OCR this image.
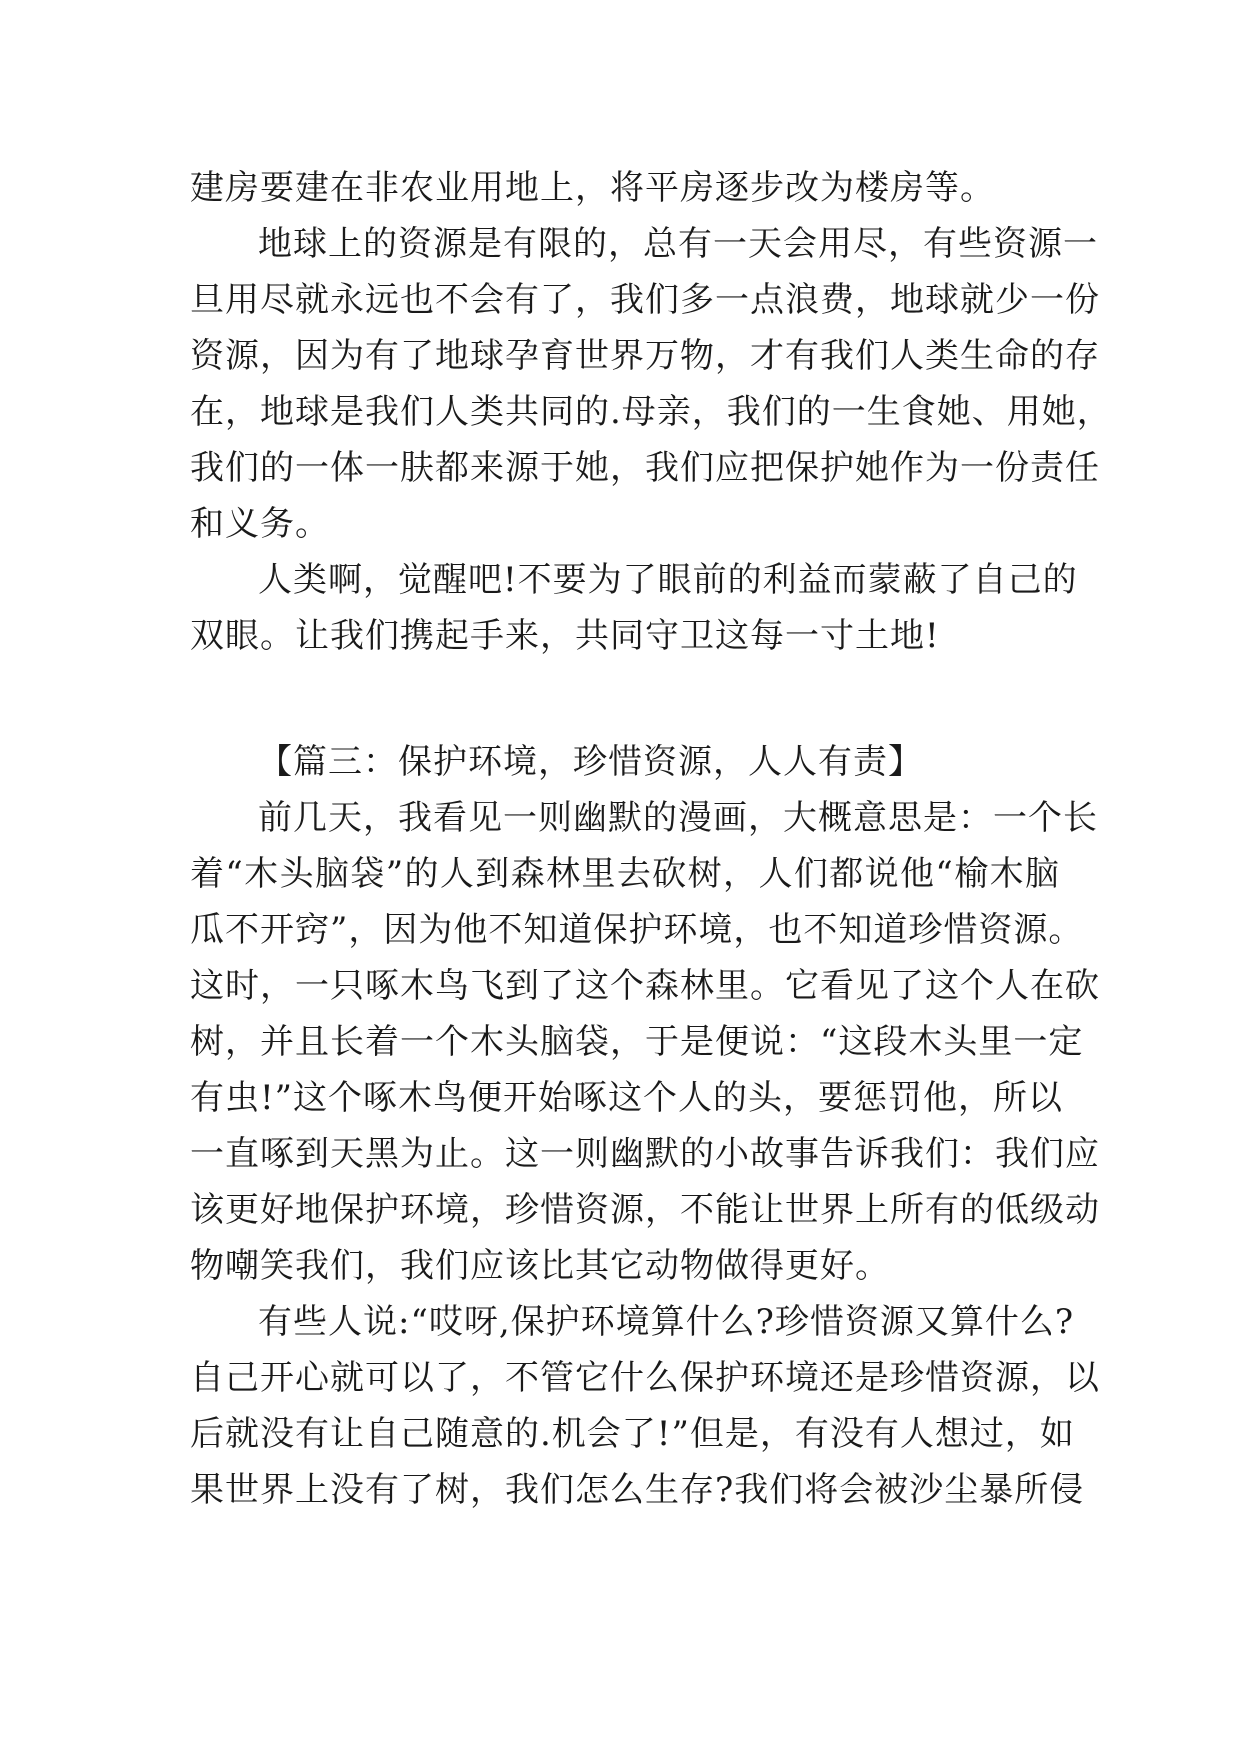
建房要建在非农业用地上，将平房逐步改为楼房等。
地球上的资源是有限的，总有一天会用尽，有些资源一
旦用尽就永远也不会有了，我们多一点浪费，地球就少一份
资源，因为有了地球孕育世界万物，才有我们人类生命的存
在，地球是我们人类共同的.母亲，我们的一生食她、用她，
我们的一体一肤都来源于她，我们应把保护她作为一份责任
和义务。
人类啊，觉醒吧!不要为了眼前的利益而蒙蔽了自己的
双眼。让我们携起手来，共同守卫这每一寸土地!
【篇三：保护环境，珍惜资源，人人有责】
前几天，我看见一则幽默的漫画，大概意思是：一个长
着“木头脑袋”的人到森林里去砍树，人们都说他“榆木脑
瓜不开窍”，因为他不知道保护环境，也不知道珍惜资源。
这时，一只啄木鸟飞到了这个森林里。它看见了这个人在砍
树，并且长着一个木头脑袋，于是便说：“这段木头里一定
有虫!”这个啄木鸟便开始啄这个人的头，要惩罚他，所以
一直啄到天黑为止。这一则幽默的小故事告诉我们：我们应
该更好地保护环境，珍惜资源，不能让世界上所有的低级动
物嘲笑我们，我们应该比其它动物做得更好。
有些人说:“哎呀,保护环境算什么?珍惜资源又算什么?
自己开心就可以了，不管它什么保护环境还是珍惜资源，以
后就没有让自己随意的.机会了!”但是，有没有人想过，如
果世界上没有了树，我们怎么生存?我们将会被沙尘暴所侵
